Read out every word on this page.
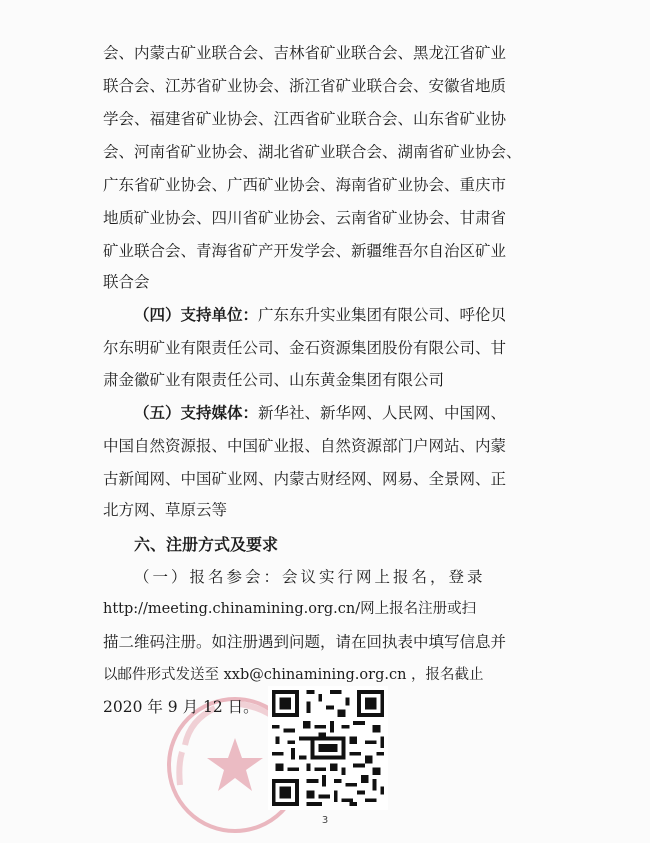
会、内蒙古矿业联合会、吉林省矿业联合会、黑龙江省矿业
联合会、江苏省矿业协会、浙江省矿业联合会、安徽省地质
学会、福建省矿业协会、江西省矿业联合会、山东省矿业协
会、河南省矿业协会、湖北省矿业联合会、湖南省矿业协会、
广东省矿业协会、广西矿业协会、海南省矿业协会、重庆市
地质矿业协会、四川省矿业协会、云南省矿业协会、甘肃省
矿业联合会、青海省矿产开发学会、新疆维吾尔自治区矿业
联合会
（四）支持单位：广东东升实业集团有限公司、呼伦贝
尔东明矿业有限责任公司、金石资源集团股份有限公司、甘
肃金徽矿业有限责任公司、山东黄金集团有限公司
（五）支持媒体：新华社、新华网、人民网、中国网、
中国自然资源报、中国矿业报、自然资源部门户网站、内蒙
古新闻网、中国矿业网、内蒙古财经网、网易、全景网、正
北方网、草原云等
六、注册方式及要求
（一）报名参会：会议实行网上报名，登录
http://meeting.chinamining.org.cn/网上报名注册或扫
描二维码注册。如注册遇到问题，请在回执表中填写信息并
以邮件形式发送至 xxb@chinamining.org.cn ，报名截止
2020 年 9 月 12 日。
3
